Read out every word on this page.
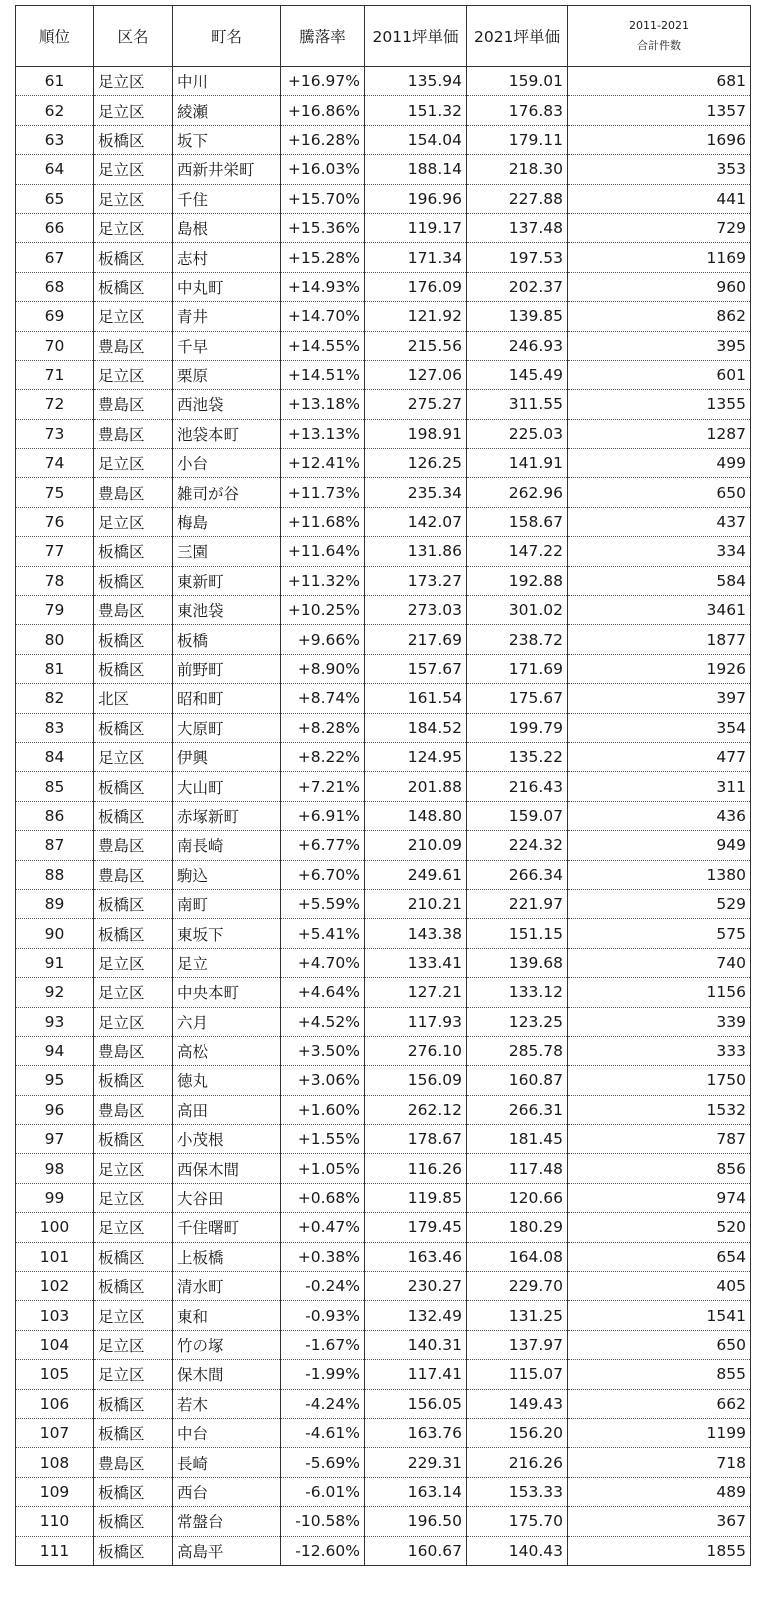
順位	区名	町名	騰落率	2011坪単価	2021坪単価	2011-2021
合計件数

61	足立区	中川	+16.97%	135.94	159.01	681
62	足立区	綾瀬	+16.86%	151.32	176.83	1357
63	板橋区	坂下	+16.28%	154.04	179.11	1696
64	足立区	西新井栄町	+16.03%	188.14	218.30	353
65	足立区	千住	+15.70%	196.96	227.88	441
66	足立区	島根	+15.36%	119.17	137.48	729
67	板橋区	志村	+15.28%	171.34	197.53	1169
68	板橋区	中丸町	+14.93%	176.09	202.37	960
69	足立区	青井	+14.70%	121.92	139.85	862
70	豊島区	千早	+14.55%	215.56	246.93	395
71	足立区	栗原	+14.51%	127.06	145.49	601
72	豊島区	西池袋	+13.18%	275.27	311.55	1355
73	豊島区	池袋本町	+13.13%	198.91	225.03	1287
74	足立区	小台	+12.41%	126.25	141.91	499
75	豊島区	雑司が谷	+11.73%	235.34	262.96	650
76	足立区	梅島	+11.68%	142.07	158.67	437
77	板橋区	三園	+11.64%	131.86	147.22	334
78	板橋区	東新町	+11.32%	173.27	192.88	584
79	豊島区	東池袋	+10.25%	273.03	301.02	3461
80	板橋区	板橋	+9.66%	217.69	238.72	1877
81	板橋区	前野町	+8.90%	157.67	171.69	1926
82	北区	昭和町	+8.74%	161.54	175.67	397
83	板橋区	大原町	+8.28%	184.52	199.79	354
84	足立区	伊興	+8.22%	124.95	135.22	477
85	板橋区	大山町	+7.21%	201.88	216.43	311
86	板橋区	赤塚新町	+6.91%	148.80	159.07	436
87	豊島区	南長崎	+6.77%	210.09	224.32	949
88	豊島区	駒込	+6.70%	249.61	266.34	1380
89	板橋区	南町	+5.59%	210.21	221.97	529
90	板橋区	東坂下	+5.41%	143.38	151.15	575
91	足立区	足立	+4.70%	133.41	139.68	740
92	足立区	中央本町	+4.64%	127.21	133.12	1156
93	足立区	六月	+4.52%	117.93	123.25	339
94	豊島区	高松	+3.50%	276.10	285.78	333
95	板橋区	徳丸	+3.06%	156.09	160.87	1750
96	豊島区	高田	+1.60%	262.12	266.31	1532
97	板橋区	小茂根	+1.55%	178.67	181.45	787
98	足立区	西保木間	+1.05%	116.26	117.48	856
99	足立区	大谷田	+0.68%	119.85	120.66	974
100	足立区	千住曙町	+0.47%	179.45	180.29	520
101	板橋区	上板橋	+0.38%	163.46	164.08	654
102	板橋区	清水町	-0.24%	230.27	229.70	405
103	足立区	東和	-0.93%	132.49	131.25	1541
104	足立区	竹の塚	-1.67%	140.31	137.97	650
105	足立区	保木間	-1.99%	117.41	115.07	855
106	板橋区	若木	-4.24%	156.05	149.43	662
107	板橋区	中台	-4.61%	163.76	156.20	1199
108	豊島区	長崎	-5.69%	229.31	216.26	718
109	板橋区	西台	-6.01%	163.14	153.33	489
110	板橋区	常盤台	-10.58%	196.50	175.70	367
111	板橋区	高島平	-12.60%	160.67	140.43	1855
